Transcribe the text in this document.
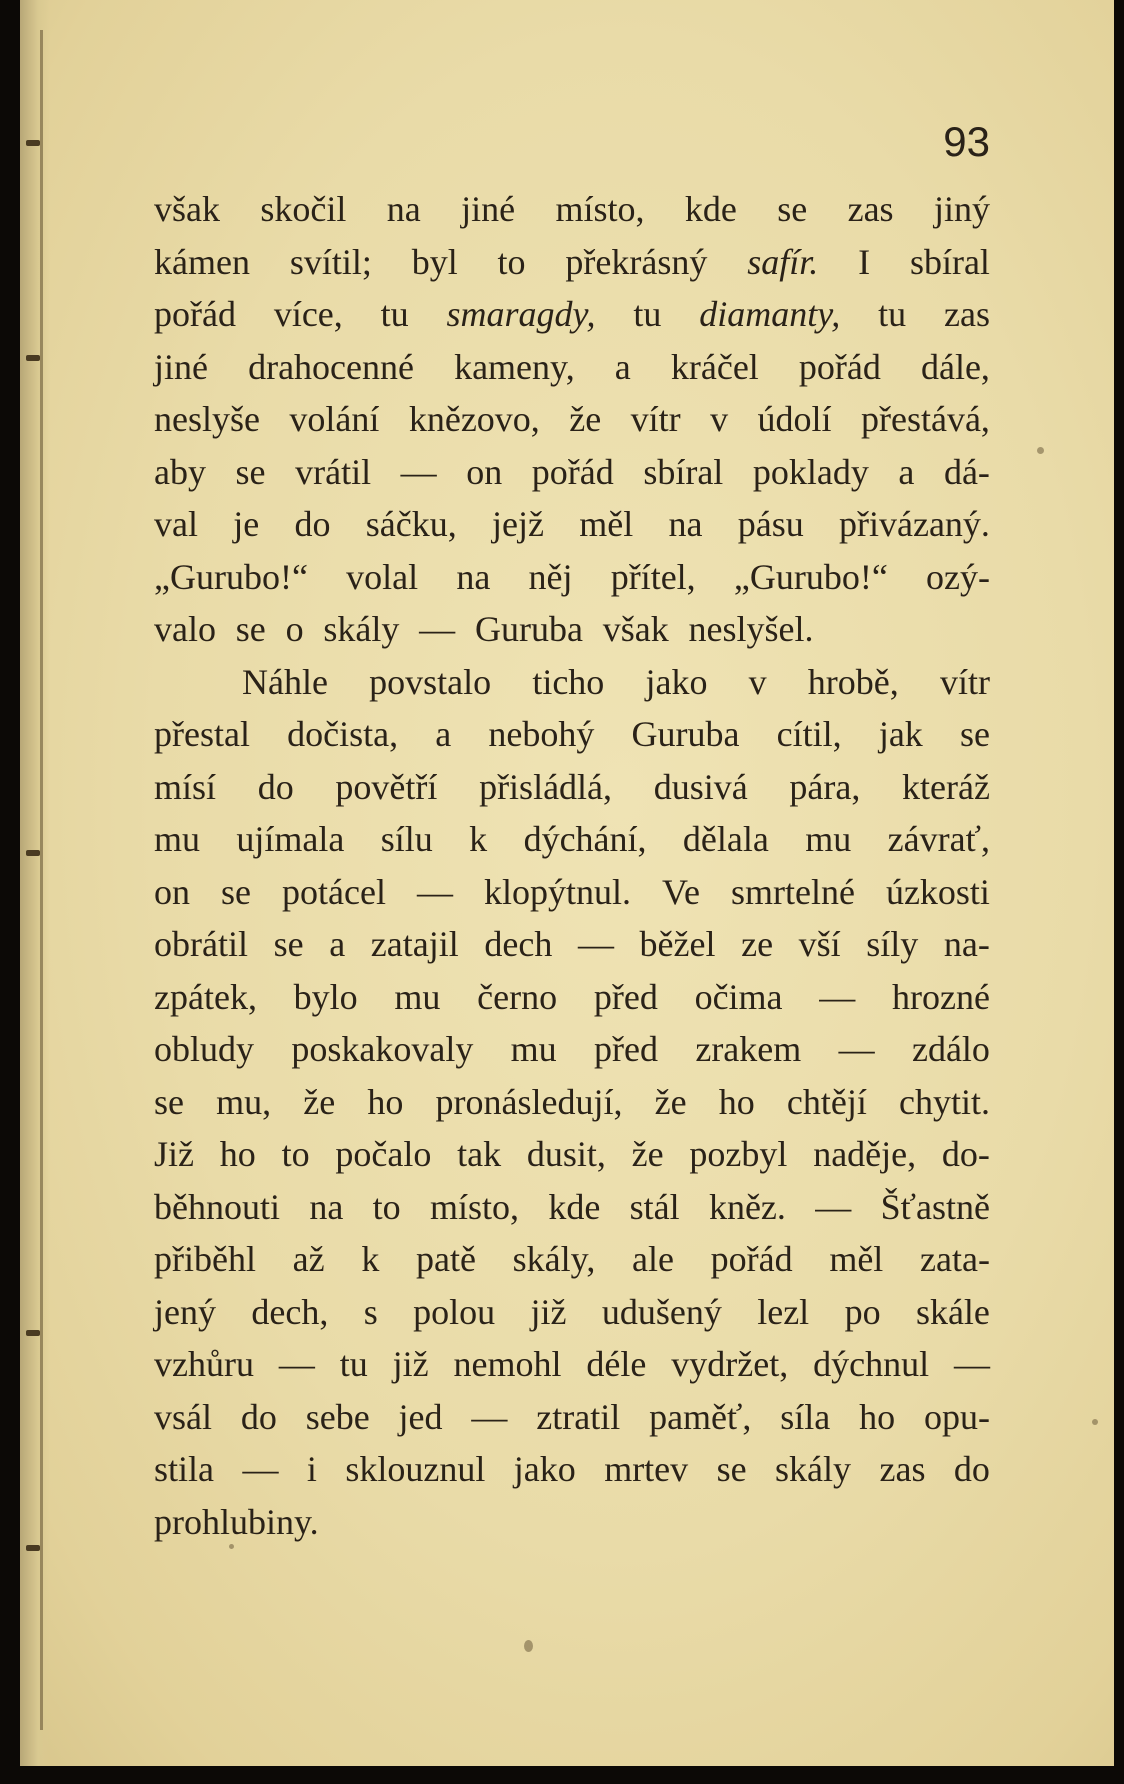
93
však skočil na jiné místo, kde se zas jiný
kámen svítil; byl to překrásný safír. I sbíral
pořád více, tu smaragdy, tu diamanty, tu zas
jiné drahocenné kameny, a kráčel pořád dále,
neslyše volání knězovo, že vítr v údolí přestává,
aby se vrátil — on pořád sbíral poklady a dá-
val je do sáčku, jejž měl na pásu přivázaný.
„Gurubo!“ volal na něj přítel, „Gurubo!“ ozý-
valo se o skály — Guruba však neslyšel.
Náhle povstalo ticho jako v hrobě, vítr
přestal dočista, a nebohý Guruba cítil, jak se
mísí do povětří přisládlá, dusivá pára, kteráž
mu ujímala sílu k dýchání, dělala mu závrať,
on se potácel — klopýtnul. Ve smrtelné úzkosti
obrátil se a zatajil dech — běžel ze vší síly na-
zpátek, bylo mu černo před očima — hrozné
obludy poskakovaly mu před zrakem — zdálo
se mu, že ho pronásledují, že ho chtějí chytit.
Již ho to počalo tak dusit, že pozbyl naděje, do-
běhnouti na to místo, kde stál kněz. — Šťastně
přiběhl až k patě skály, ale pořád měl zata-
jený dech, s polou již udušený lezl po skále
vzhůru — tu již nemohl déle vydržet, dýchnul —
vsál do sebe jed — ztratil paměť, síla ho opu-
stila — i sklouznul jako mrtev se skály zas do
prohlubiny.
